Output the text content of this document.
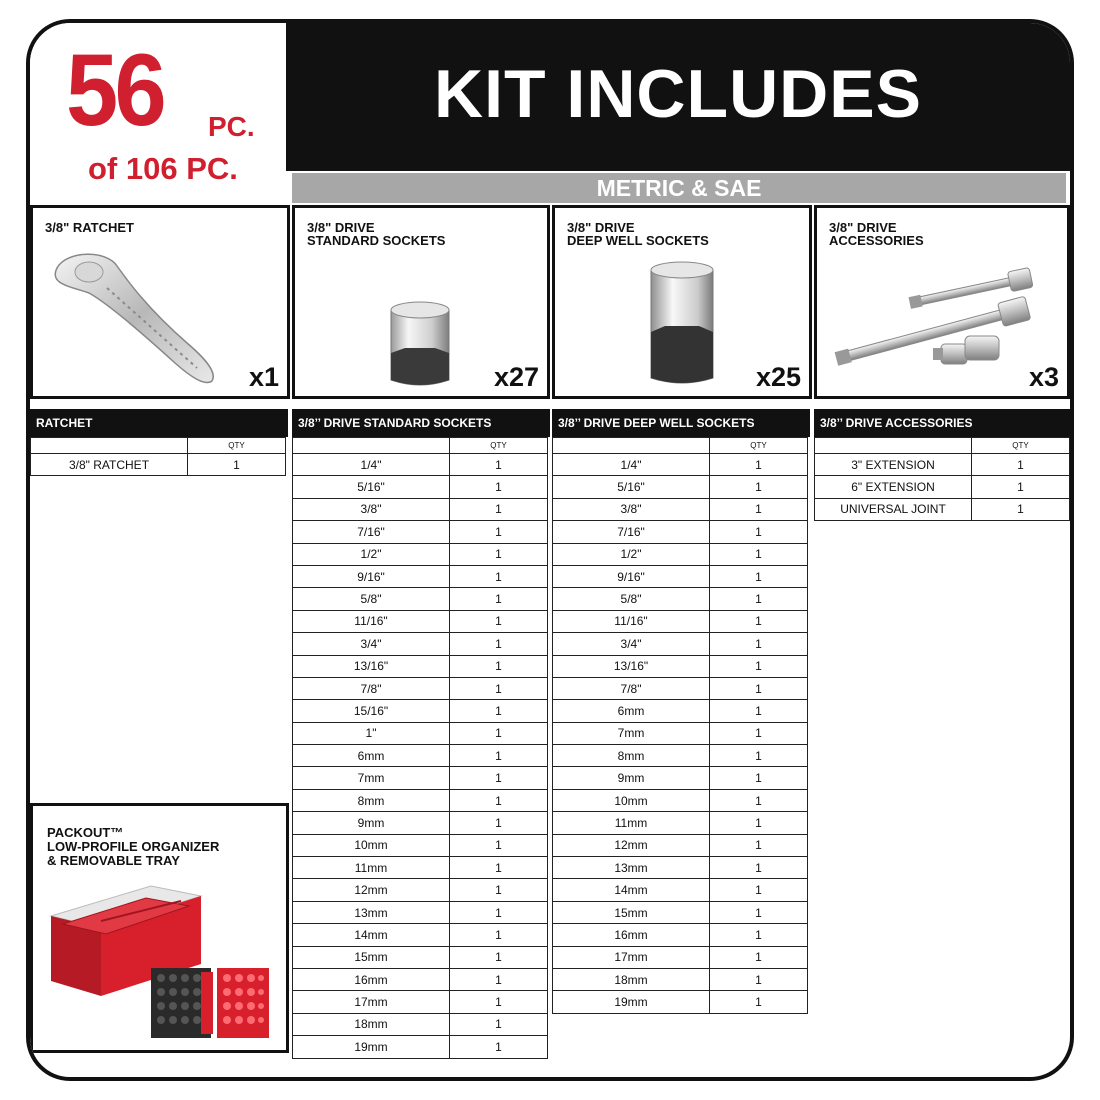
56 PC.
of 106 PC.
KIT INCLUDES
METRIC & SAE
3/8" RATCHET
x1
3/8" DRIVE
STANDARD SOCKETS
x27
3/8" DRIVE
DEEP WELL SOCKETS
x25
3/8" DRIVE
ACCESSORIES
x3
RATCHET
QTY
3/8" RATCHET	1
3/8’’ DRIVE STANDARD SOCKETS
QTY
1/4"	1
5/16"	1
3/8"	1
7/16"	1
1/2"	1
9/16"	1
5/8"	1
11/16"	1
3/4"	1
13/16"	1
7/8"	1
15/16"	1
1"	1
6mm	1
7mm	1
8mm	1
9mm	1
10mm	1
11mm	1
12mm	1
13mm	1
14mm	1
15mm	1
16mm	1
17mm	1
18mm	1
19mm	1
3/8’’ DRIVE DEEP WELL SOCKETS
QTY
1/4"	1
5/16"	1
3/8"	1
7/16"	1
1/2"	1
9/16"	1
5/8"	1
11/16"	1
3/4"	1
13/16"	1
7/8"	1
6mm	1
7mm	1
8mm	1
9mm	1
10mm	1
11mm	1
12mm	1
13mm	1
14mm	1
15mm	1
16mm	1
17mm	1
18mm	1
19mm	1
3/8’’ DRIVE ACCESSORIES
QTY
3" EXTENSION	1
6" EXTENSION	1
UNIVERSAL JOINT	1
PACKOUT™
LOW-PROFILE ORGANIZER
& REMOVABLE TRAY
